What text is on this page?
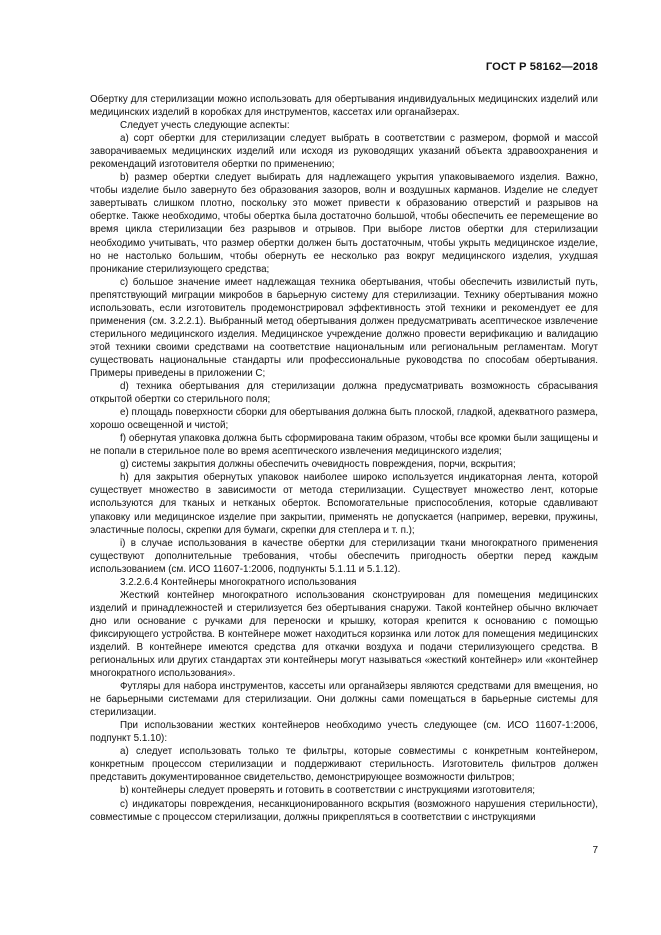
ГОСТ Р 58162—2018

Обертку для стерилизации можно использовать для обертывания индивидуальных медицинских изделий или медицинских изделий в коробках для инструментов, кассетах или органайзерах.

Следует учесть следующие аспекты:

a) сорт обертки для стерилизации следует выбрать в соответствии с размером, формой и массой заворачиваемых медицинских изделий или исходя из руководящих указаний объекта здравоохранения и рекомендаций изготовителя обертки по применению;

b) размер обертки следует выбирать для надлежащего укрытия упаковываемого изделия. Важно, чтобы изделие было завернуто без образования зазоров, волн и воздушных карманов. Изделие не следует завертывать слишком плотно, поскольку это может привести к образованию отверстий и разрывов на обертке. Также необходимо, чтобы обертка была достаточно большой, чтобы обеспечить ее перемещение во время цикла стерилизации без разрывов и отрывов. При выборе листов обертки для стерилизации необходимо учитывать, что размер обертки должен быть достаточным, чтобы укрыть медицинское изделие, но не настолько большим, чтобы обернуть ее несколько раз вокруг медицинского изделия, ухудшая проникание стерилизующего средства;

c) большое значение имеет надлежащая техника обертывания, чтобы обеспечить извилистый путь, препятствующий миграции микробов в барьерную систему для стерилизации. Технику обертывания можно использовать, если изготовитель продемонстрировал эффективность этой техники и рекомендует ее для применения (см. 3.2.2.1). Выбранный метод обертывания должен предусматривать асептическое извлечение стерильного медицинского изделия. Медицинское учреждение должно провести верификацию и валидацию этой техники своими средствами на соответствие национальным или региональным регламентам. Могут существовать национальные стандарты или профессиональные руководства по способам обертывания. Примеры приведены в приложении С;

d) техника обертывания для стерилизации должна предусматривать возможность сбрасывания открытой обертки со стерильного поля;

e) площадь поверхности сборки для обертывания должна быть плоской, гладкой, адекватного размера, хорошо освещенной и чистой;

f) обернутая упаковка должна быть сформирована таким образом, чтобы все кромки были защищены и не попали в стерильное поле во время асептического извлечения медицинского изделия;

g) системы закрытия должны обеспечить очевидность повреждения, порчи, вскрытия;

h) для закрытия обернутых упаковок наиболее широко используется индикаторная лента, которой существует множество в зависимости от метода стерилизации. Существует множество лент, которые используются для тканых и нетканых оберток. Вспомогательные приспособления, которые сдавливают упаковку или медицинское изделие при закрытии, применять не допускается (например, веревки, пружины, эластичные полосы, скрепки для бумаги, скрепки для степлера и т. п.);

i) в случае использования в качестве обертки для стерилизации ткани многократного применения существуют дополнительные требования, чтобы обеспечить пригодность обертки перед каждым использованием (см. ИСО 11607-1:2006, подпункты 5.1.11 и 5.1.12).

3.2.2.6.4 Контейнеры многократного использования

Жесткий контейнер многократного использования сконструирован для помещения медицинских изделий и принадлежностей и стерилизуется без обертывания снаружи. Такой контейнер обычно включает дно или основание с ручками для переноски и крышку, которая крепится к основанию с помощью фиксирующего устройства. В контейнере может находиться корзинка или лоток для помещения медицинских изделий. В контейнере имеются средства для откачки воздуха и подачи стерилизующего средства. В региональных или других стандартах эти контейнеры могут называться «жесткий контейнер» или «контейнер многократного использования».

Футляры для набора инструментов, кассеты или органайзеры являются средствами для вмещения, но не барьерными системами для стерилизации. Они должны сами помещаться в барьерные системы для стерилизации.

При использовании жестких контейнеров необходимо учесть следующее (см. ИСО 11607-1:2006, подпункт 5.1.10):

a) следует использовать только те фильтры, которые совместимы с конкретным контейнером, конкретным процессом стерилизации и поддерживают стерильность. Изготовитель фильтров должен представить документированное свидетельство, демонстрирующее возможности фильтров;

b) контейнеры следует проверять и готовить в соответствии с инструкциями изготовителя;

c) индикаторы повреждения, несанкционированного вскрытия (возможного нарушения стерильности), совместимые с процессом стерилизации, должны прикрепляться в соответствии с инструкциями

7
